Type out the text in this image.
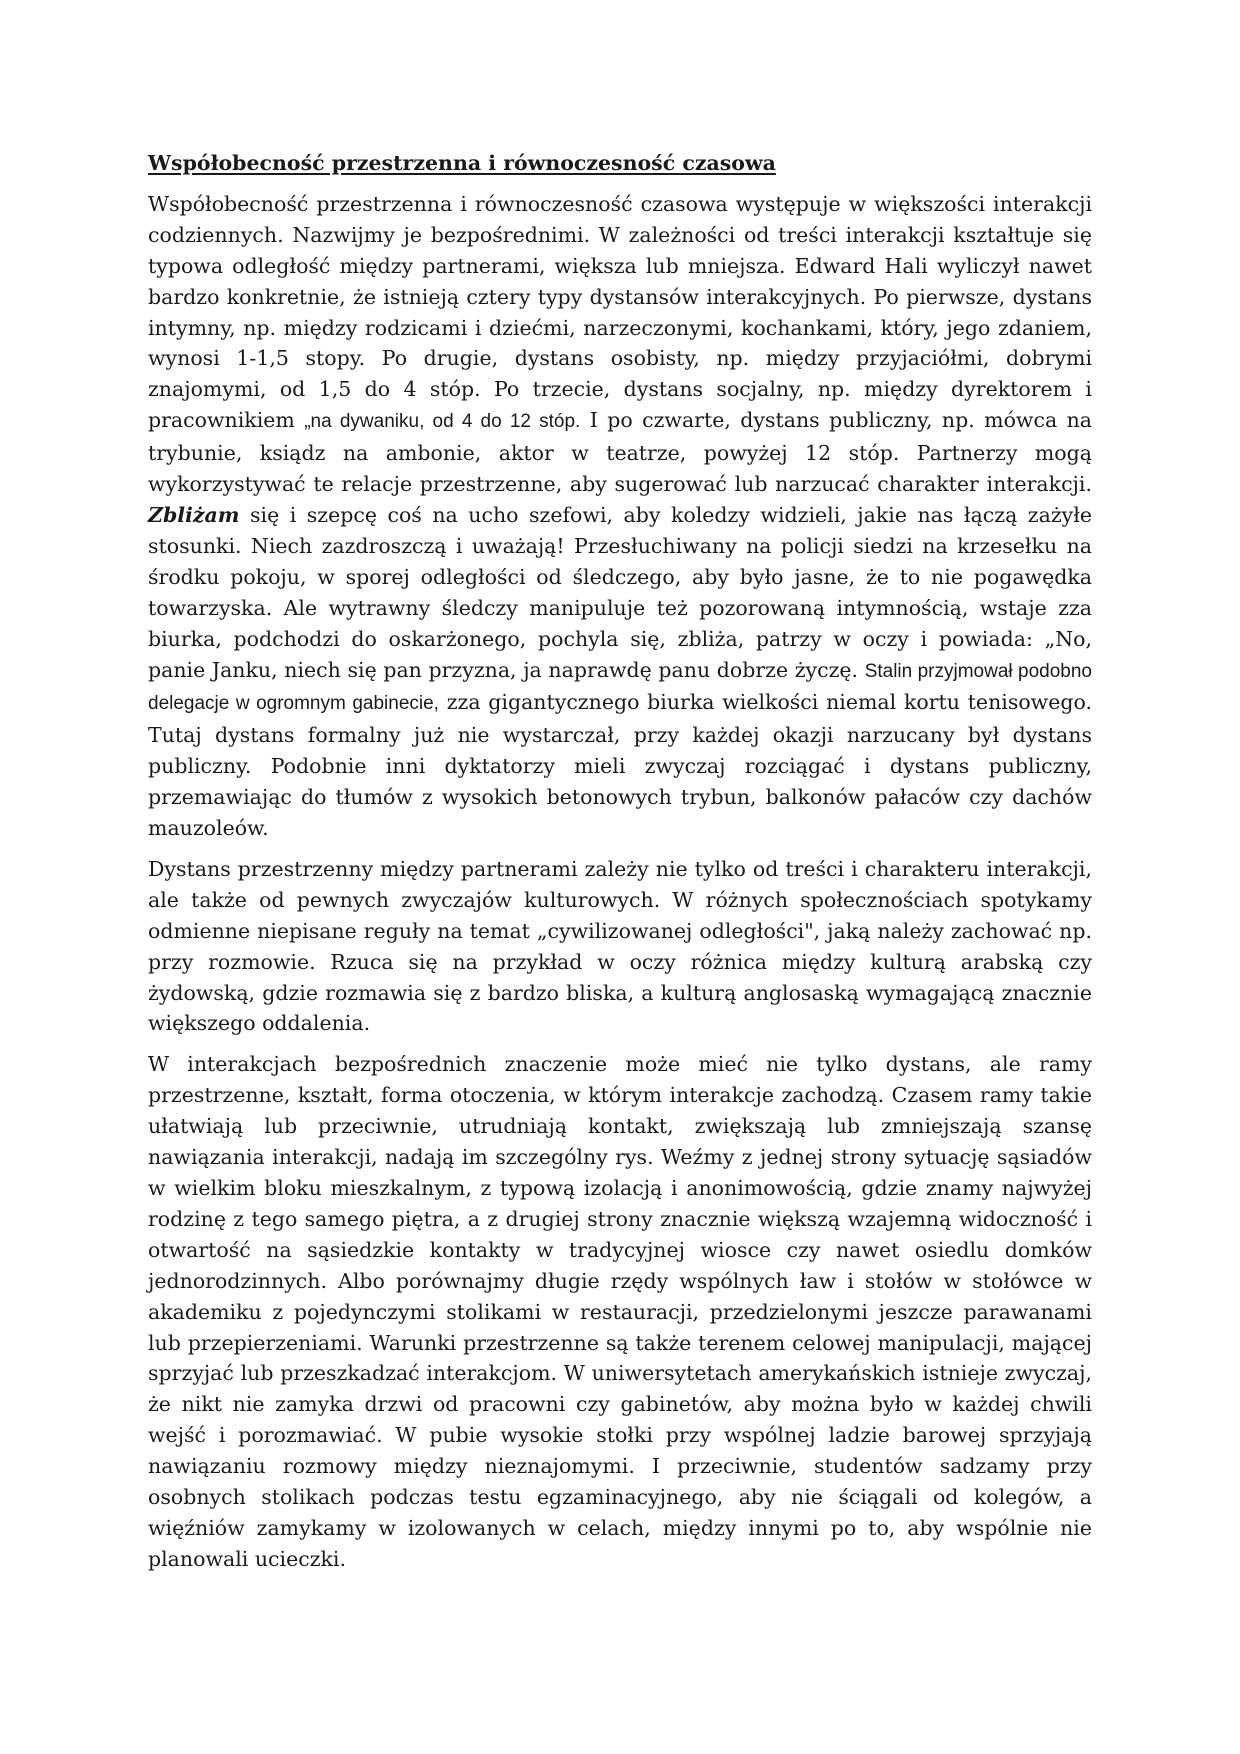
Współobecność przestrzenna i równoczesność czasowa

Współobecność przestrzenna i równoczesność czasowa występuje w większości interakcji codziennych. Nazwijmy je bezpośrednimi. W zależności od treści interakcji kształtuje się typowa odległość między partnerami, większa lub mniejsza. Edward Hali wyliczył nawet bardzo konkretnie, że istnieją cztery typy dystansów interakcyjnych. Po pierwsze, dystans intymny, np. między rodzicami i dziećmi, narzeczonymi, kochankami, który, jego zdaniem, wynosi 1-1,5 stopy. Po drugie, dystans osobisty, np. między przyjaciółmi, dobrymi znajomymi, od 1,5 do 4 stóp. Po trzecie, dystans socjalny, np. między dyrektorem i pracownikiem „na dywaniku, od 4 do 12 stóp. I po czwarte, dystans publiczny, np. mówca na trybunie, ksiądz na ambonie, aktor w teatrze, powyżej 12 stóp. Partnerzy mogą wykorzystywać te relacje przestrzenne, aby sugerować lub narzucać charakter interakcji. Zbliżam się i szepcę coś na ucho szefowi, aby koledzy widzieli, jakie nas łączą zażyłe stosunki. Niech zazdroszczą i uważają! Przesłuchiwany na policji siedzi na krzesełku na środku pokoju, w sporej odległości od śledczego, aby było jasne, że to nie pogawędka towarzyska. Ale wytrawny śledczy manipuluje też pozorowaną intymnością, wstaje zza biurka, podchodzi do oskarżonego, pochyla się, zbliża, patrzy w oczy i powiada: „No, panie Janku, niech się pan przyzna, ja naprawdę panu dobrze życzę. Stalin przyjmował podobno delegacje w ogromnym gabinecie, zza gigantycznego biurka wielkości niemal kortu tenisowego. Tutaj dystans formalny już nie wystarczał, przy każdej okazji narzucany był dystans publiczny. Podobnie inni dyktatorzy mieli zwyczaj rozciągać i dystans publiczny, przemawiając do tłumów z wysokich betonowych trybun, balkonów pałaców czy dachów mauzoleów.

Dystans przestrzenny między partnerami zależy nie tylko od treści i charakteru interakcji, ale także od pewnych zwyczajów kulturowych. W różnych społecznościach spotykamy odmienne niepisane reguły na temat „cywilizowanej odległości", jaką należy zachować np. przy rozmowie. Rzuca się na przykład w oczy różnica między kulturą arabską czy żydowską, gdzie rozmawia się z bardzo bliska, a kulturą anglosaską wymagającą znacznie większego oddalenia.

W interakcjach bezpośrednich znaczenie może mieć nie tylko dystans, ale ramy przestrzenne, kształt, forma otoczenia, w którym interakcje zachodzą. Czasem ramy takie ułatwiają lub przeciwnie, utrudniają kontakt, zwiększają lub zmniejszają szansę nawiązania interakcji, nadają im szczególny rys. Weźmy z jednej strony sytuację sąsiadów w wielkim bloku mieszkalnym, z typową izolacją i anonimowością, gdzie znamy najwyżej rodzinę z tego samego piętra, a z drugiej strony znacznie większą wzajemną widoczność i otwartość na sąsiedzkie kontakty w tradycyjnej wiosce czy nawet osiedlu domków jednorodzinnych. Albo porównajmy długie rzędy wspólnych ław i stołów w stołówce w akademiku z pojedynczymi stolikami w restauracji, przedzielonymi jeszcze parawanami lub przepierzeniami. Warunki przestrzenne są także terenem celowej manipulacji, mającej sprzyjać lub przeszkadzać interakcjom. W uniwersytetach amerykańskich istnieje zwyczaj, że nikt nie zamyka drzwi od pracowni czy gabinetów, aby można było w każdej chwili wejść i porozmawiać. W pubie wysokie stołki przy wspólnej ladzie barowej sprzyjają nawiązaniu rozmowy między nieznajomymi. I przeciwnie, studentów sadzamy przy osobnych stolikach podczas testu egzaminacyjnego, aby nie ściągali od kolegów, a więźniów zamykamy w izolowanych w celach, między innymi po to, aby wspólnie nie planowali ucieczki.
